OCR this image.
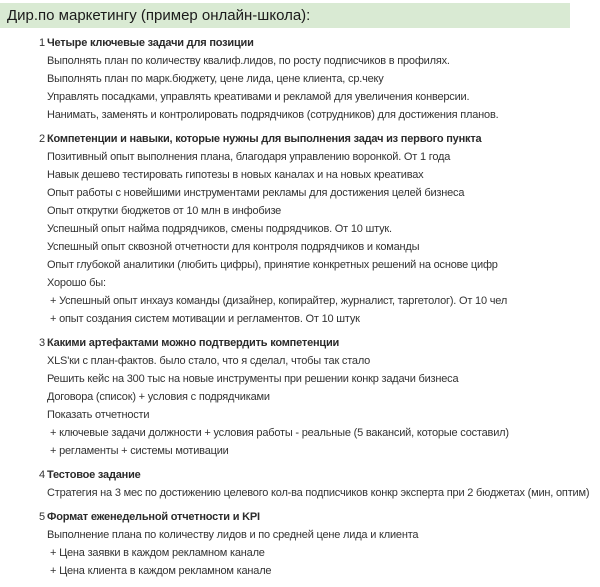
Дир.по маркетингу (пример онлайн-школа):
1 Четыре ключевые задачи для позиции
Выполнять план по количеству квалиф.лидов, по росту подписчиков в профилях.
Выполнять план по марк.бюджету, цене лида, цене клиента, ср.чеку
Управлять посадками, управлять креативами и рекламой для увеличения конверсии.
Нанимать, заменять и контролировать подрядчиков (сотрудников) для достижения планов.
2 Компетенции и навыки, которые нужны для выполнения задач из первого пункта
Позитивный опыт выполнения плана, благодаря управлению воронкой. От 1 года
Навык дешево тестировать гипотезы в новых каналах и на новых креативах
Опыт работы с новейшими инструментами рекламы для достижения целей бизнеса
Опыт открутки бюджетов от 10 млн в инфобизе
Успешный опыт найма подрядчиков, смены подрядчиков. От 10 штук.
Успешный опыт сквозной отчетности для контроля подрядчиков и команды
Опыт глубокой аналитики (любить цифры), принятие конкретных решений на основе цифр
Хорошо бы:
+ Успешный опыт инхауз команды (дизайнер, копирайтер, журналист, таргетолог). От 10 чел
+ опыт создания систем мотивации и регламентов. От 10 штук
3 Какими артефактами можно подтвердить компетенции
XLS'ки с план-фактов. было стало, что я сделал, чтобы так стало
Решить кейс на 300 тыс на новые инструменты при решении конкр задачи бизнеса
Договора (список) + условия с подрядчиками
Показать отчетности
+ ключевые задачи должности + условия работы - реальные (5 вакансий, которые составил)
+ регламенты + системы мотивации
4 Тестовое задание
Стратегия на 3 мес по достижению целевого кол-ва подписчиков конкр эксперта при 2 бюджетах (мин, оптим)
5 Формат еженедельной отчетности и KPI
Выполнение плана по количеству лидов и по средней цене лида и клиента
+ Цена заявки в каждом рекламном канале
+ Цена клиента в каждом рекламном канале
